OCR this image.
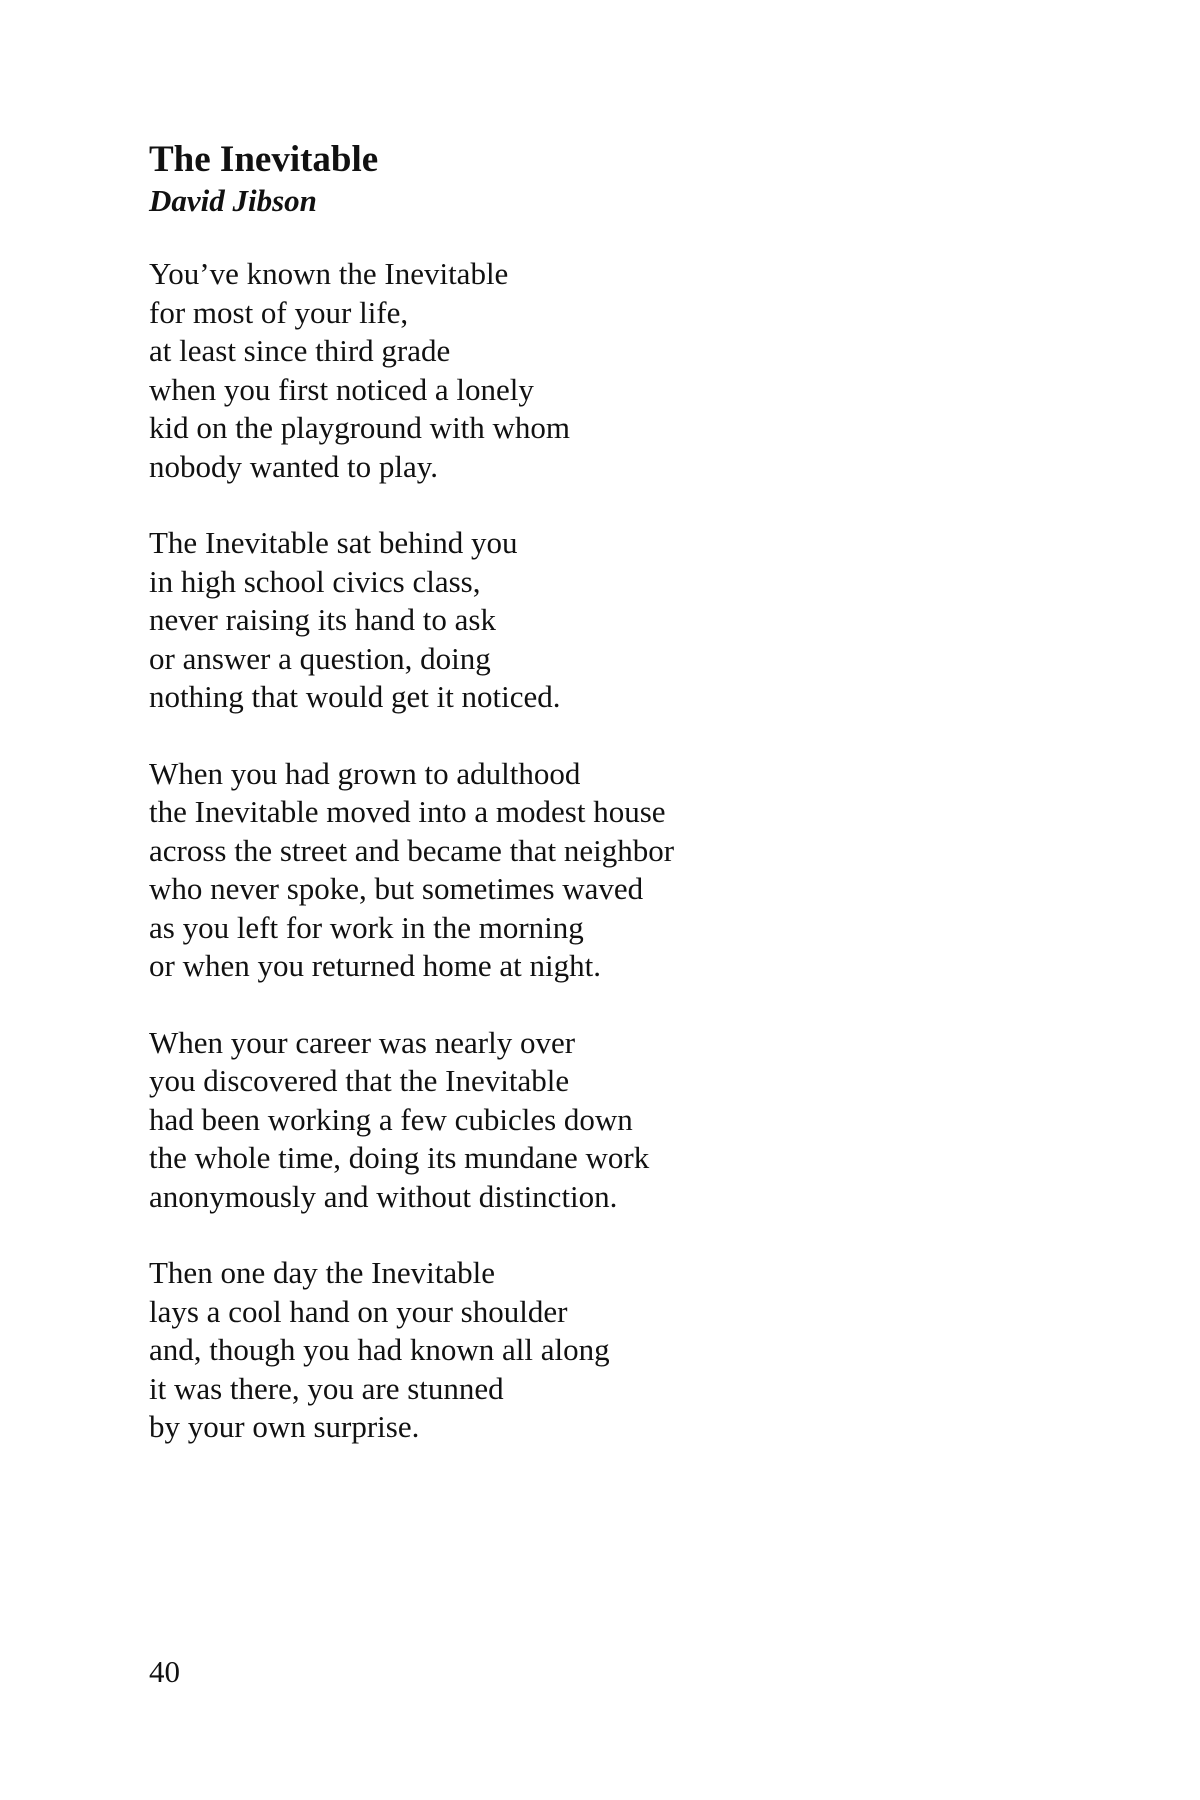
The Inevitable
David Jibson
You’ve known the Inevitable
for most of your life,
at least since third grade
when you first noticed a lonely
kid on the playground with whom
nobody wanted to play.
The Inevitable sat behind you
in high school civics class,
never raising its hand to ask
or answer a question, doing
nothing that would get it noticed.
When you had grown to adulthood
the Inevitable moved into a modest house
across the street and became that neighbor
who never spoke, but sometimes waved
as you left for work in the morning
or when you returned home at night.
When your career was nearly over
you discovered that the Inevitable
had been working a few cubicles down
the whole time, doing its mundane work
anonymously and without distinction.
Then one day the Inevitable
lays a cool hand on your shoulder
and, though you had known all along
it was there, you are stunned
by your own surprise.
40
